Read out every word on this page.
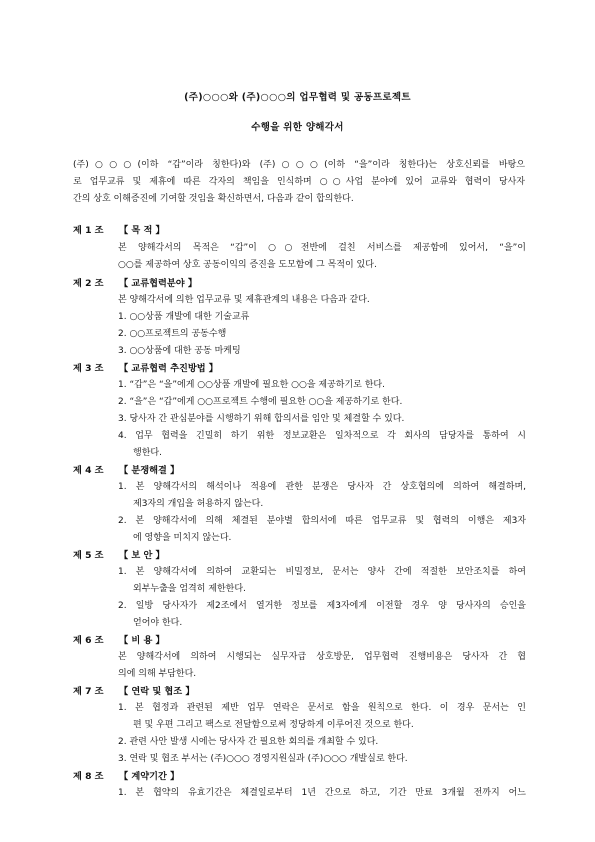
(주)○○○와 (주)○○○의 업무협력 및 공동프로젝트
수행을 위한 양해각서
(주)○○○(이하 “갑”이라 칭한다)와 (주)○○○(이하 “을”이라 칭한다)는 상호신뢰를 바탕으
로 업무교류 및 제휴에 따른 각자의 책임을 인식하며 ○○사업 분야에 있어 교류와 협력이 당사자
간의 상호 이해증진에 기여할 것임을 확신하면서, 다음과 같이 합의한다.
제 1 조 【 목 적 】
본 양해각서의 목적은 “갑”이 ○○전반에 걸친 서비스를 제공함에 있어서, “을”이
○○를 제공하여 상호 공동이익의 증진을 도모함에 그 목적이 있다.
제 2 조 【 교류협력분야 】
본 양해각서에 의한 업무교류 및 제휴관계의 내용은 다음과 같다.
1. ○○상품 개발에 대한 기술교류
2. ○○프로젝트의 공동수행
3. ○○상품에 대한 공동 마케팅
제 3 조 【 교류협력 추진방법 】
1. “갑”은 “을”에게 ○○상품 개발에 필요한 ○○을 제공하기로 한다.
2. “을”은 “갑”에게 ○○프로젝트 수행에 필요한 ○○을 제공하기로 한다.
3. 당사자 간 관심분야를 시행하기 위해 합의서를 임안 및 체결할 수 있다.
4. 업무 협력을 긴밀히 하기 위한 정보교환은 일차적으로 각 회사의 담당자를 통하여 시
행한다.
제 4 조 【 분쟁해결 】
1. 본 양해각서의 해석이나 적용에 관한 분쟁은 당사자 간 상호협의에 의하여 해결하며,
제3자의 개입을 허용하지 않는다.
2. 본 양해각서에 의해 체결된 분야별 합의서에 따른 업무교류 및 협력의 이행은 제3자
에 영향을 미치지 않는다.
제 5 조 【 보 안 】
1. 본 양해각서에 의하여 교환되는 비밀정보, 문서는 양사 간에 적절한 보안조치를 하여
외부누출을 엄격히 제한한다.
2. 일방 당사자가 제2조에서 열거한 정보를 제3자에게 이전할 경우 양 당사자의 승인을
얻어야 한다.
제 6 조 【 비 용 】
본 양해각서에 의하여 시행되는 실무자급 상호방문, 업무협력 진행비용은 당사자 간 협
의에 의해 부담한다.
제 7 조 【 연락 및 협조 】
1. 본 협정과 관련된 제반 업무 연락은 문서로 함을 원칙으로 한다. 이 경우 문서는 인
편 및 우편 그리고 팩스로 전달함으로써 정당하게 이루어진 것으로 한다.
2. 관련 사안 발생 시에는 당사자 간 필요한 회의를 개최할 수 있다.
3. 연락 및 협조 부서는 (주)○○○ 경영지원실과 (주)○○○ 개발실로 한다.
제 8 조 【 계약기간 】
1. 본 협약의 유효기간은 체결일로부터 1년 간으로 하고, 기간 만료 3개월 전까지 어느
